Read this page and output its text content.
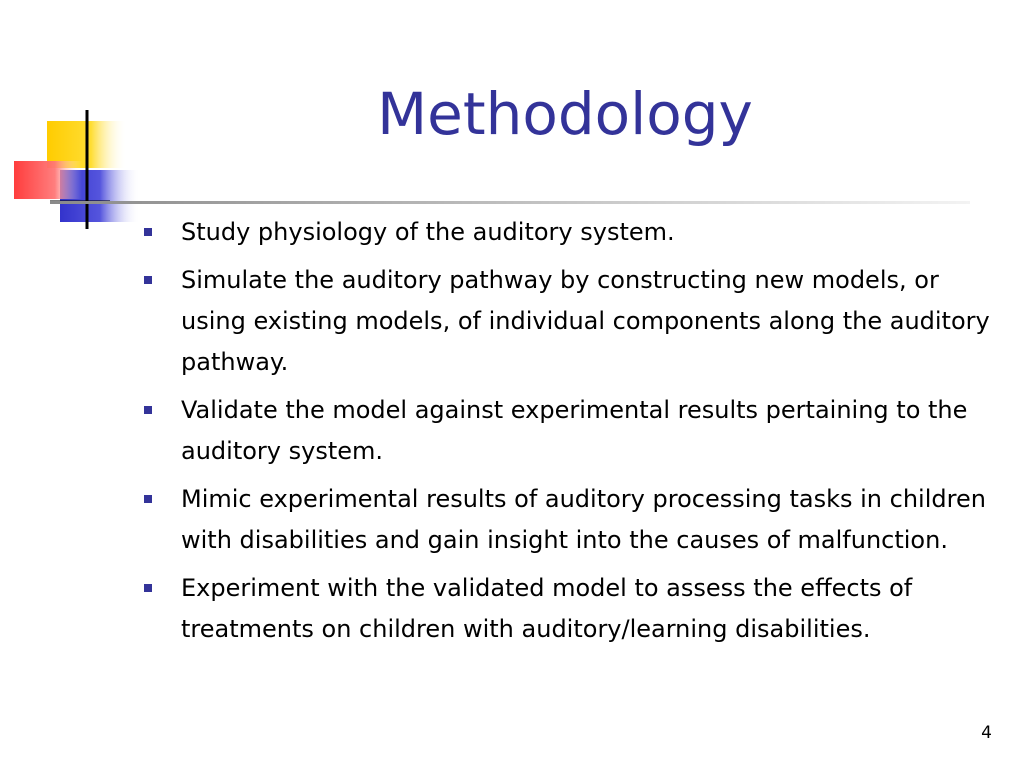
Methodology
Study physiology of the auditory system.
Simulate the auditory pathway by constructing new models, or using existing models, of individual components along the auditory pathway.
Validate the model against experimental results pertaining to the auditory system.
Mimic experimental results of auditory processing tasks in children with disabilities and gain insight into the causes of malfunction.
Experiment with the validated model to assess the effects of treatments on children with auditory/learning disabilities.
4
